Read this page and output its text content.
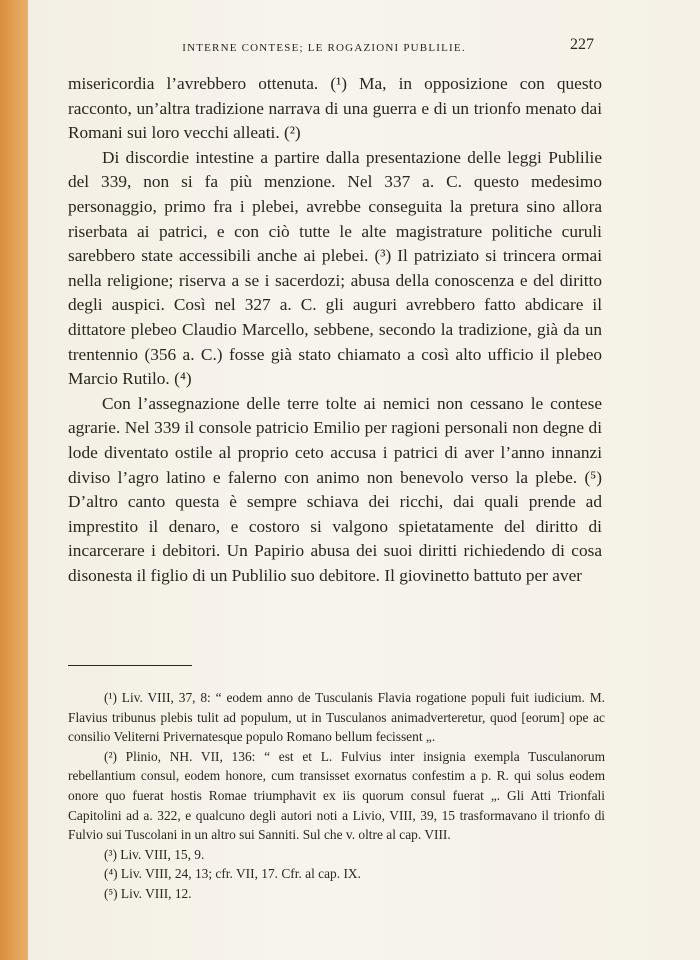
INTERNE CONTESE; LE ROGAZIONI PUBLILIE.	227

misericordia l’avrebbero ottenuta. (¹) Ma, in opposizione con questo racconto, un’altra tradizione narrava di una guerra e di un trionfo menato dai Romani sui loro vecchi alleati. (²)

Di discordie intestine a partire dalla presentazione delle leggi Publilie del 339, non si fa più menzione. Nel 337 a. C. questo medesimo personaggio, primo fra i plebei, avrebbe conseguita la pretura sino allora riserbata ai patrici, e con ciò tutte le alte magistrature politiche curuli sarebbero state accessibili anche ai plebei. (³) Il patriziato si trincera ormai nella religione; riserva a se i sacerdozi; abusa della conoscenza e del diritto degli auspici. Così nel 327 a. C. gli auguri avrebbero fatto abdicare il dittatore plebeo Claudio Marcello, sebbene, secondo la tradizione, già da un trentennio (356 a. C.) fosse già stato chiamato a così alto ufficio il plebeo Marcio Rutilo. (⁴)

Con l’assegnazione delle terre tolte ai nemici non cessano le contese agrarie. Nel 339 il console patricio Emilio per ragioni personali non degne di lode diventato ostile al proprio ceto accusa i patrici di aver l’anno innanzi diviso l’agro latino e falerno con animo non benevolo verso la plebe. (⁵) D’altro canto questa è sempre schiava dei ricchi, dai quali prende ad imprestito il denaro, e costoro si valgono spietatamente del diritto di incarcerare i debitori. Un Papirio abusa dei suoi diritti richiedendo di cosa disonesta il figlio di un Publilio suo debitore. Il giovinetto battuto per aver

(¹) Liv. VIII, 37, 8: “ eodem anno de Tusculanis Flavia rogatione populi fuit iudicium. M. Flavius tribunus plebis tulit ad populum, ut in Tusculanos animadverteretur, quod [eorum] ope ac consilio Veliterni Privernatesque populo Romano bellum fecissent „.

(²) Plinio, NH. VII, 136: “ est et L. Fulvius inter insignia exempla Tusculanorum rebellantium consul, eodem honore, cum transisset exornatus confestim a p. R. qui solus eodem onore quo fuerat hostis Romae triumphavit ex iis quorum consul fuerat „. Gli Atti Trionfali Capitolini ad a. 322, e qualcuno degli autori noti a Livio, VIII, 39, 15 trasformavano il trionfo di Fulvio sui Tuscolani in un altro sui Sanniti. Sul che v. oltre al cap. VIII.

(³) Liv. VIII, 15, 9.

(⁴) Liv. VIII, 24, 13; cfr. VII, 17. Cfr. al cap. IX.

(⁵) Liv. VIII, 12.
